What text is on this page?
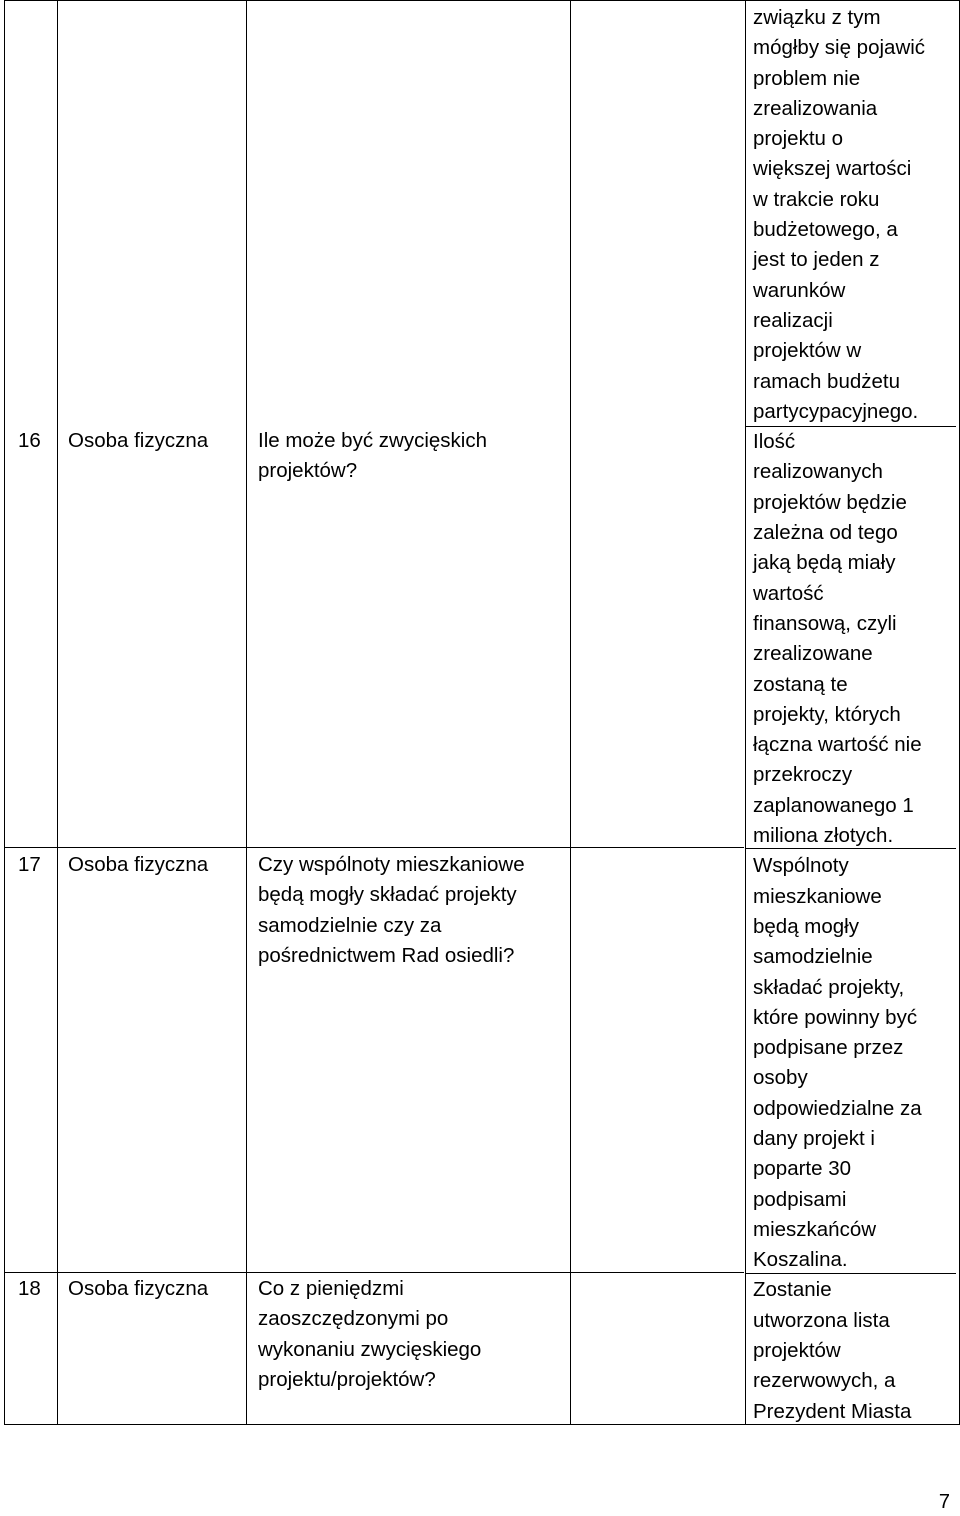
16 Osoba fizyczna Ile może być zwycięskich
projektów?
17 Osoba fizyczna Czy wspólnoty mieszkaniowe
będą mogły składać projekty
samodzielnie czy za
pośrednictwem Rad osiedli?
18 Osoba fizyczna Co z pieniędzmi
zaoszczędzonymi po
wykonaniu zwycięskiego
projektu/projektów?
związku z tym
mógłby się pojawić
problem nie
zrealizowania
projektu o
większej wartości
w trakcie roku
budżetowego, a
jest to jeden z
warunków
realizacji
projektów w
ramach budżetu
partycypacyjnego.
Ilość
realizowanych
projektów będzie
zależna od tego
jaką będą miały
wartość
finansową, czyli
zrealizowane
zostaną te
projekty, których
łączna wartość nie
przekroczy
zaplanowanego 1
miliona złotych.
Wspólnoty
mieszkaniowe
będą mogły
samodzielnie
składać projekty,
które powinny być
podpisane przez
osoby
odpowiedzialne za
dany projekt i
poparte 30
podpisami
mieszkańców
Koszalina.
Zostanie
utworzona lista
projektów
rezerwowych, a
Prezydent Miasta
7
